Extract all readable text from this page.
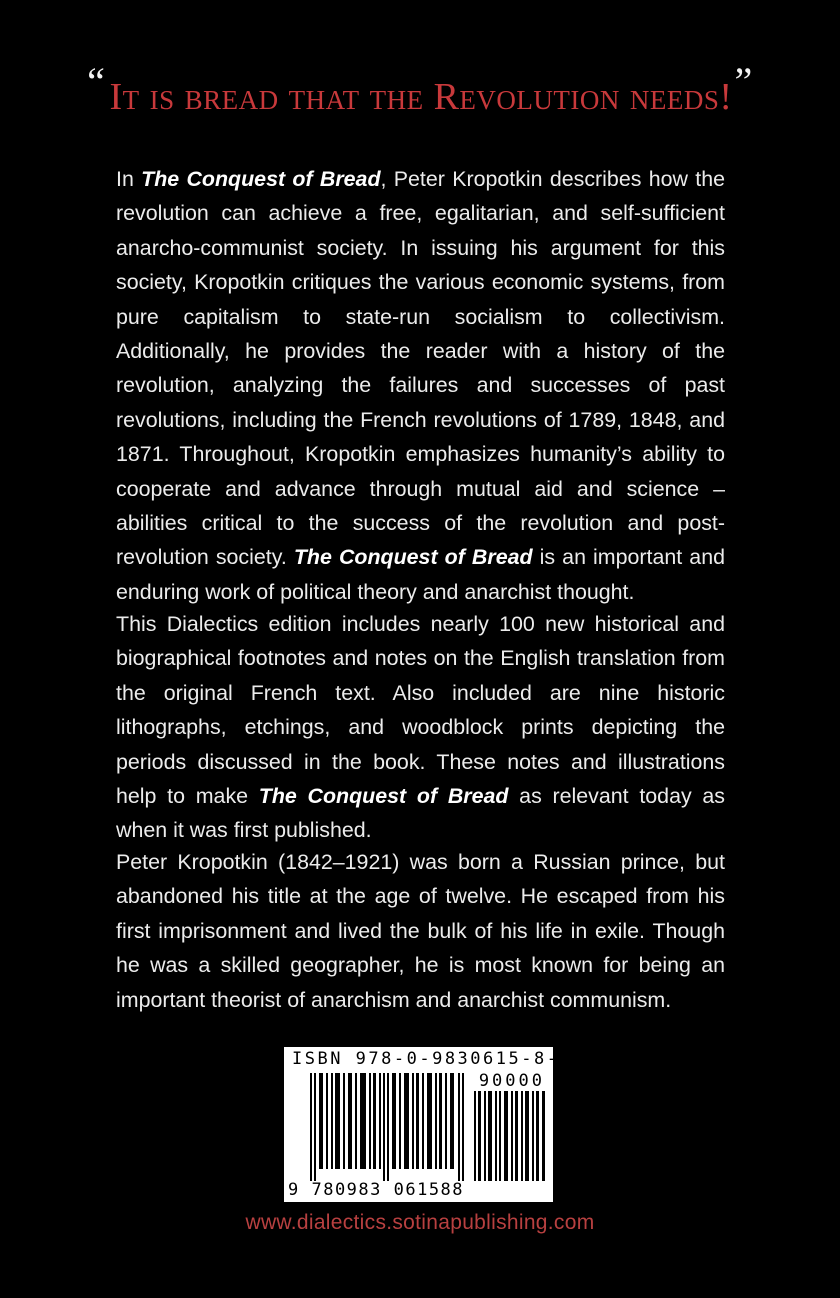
“ It is bread that the Revolution needs!”

In The Conquest of Bread, Peter Kropotkin describes how the revolution can achieve a free, egalitarian, and self-sufficient anarcho-communist society. In issuing his argument for this society, Kropotkin critiques the various economic systems, from pure capitalism to state-run socialism to collectivism. Additionally, he provides the reader with a history of the revolution, analyzing the failures and successes of past revolutions, including the French revolutions of 1789, 1848, and 1871. Throughout, Kropotkin emphasizes humanity’s ability to cooperate and advance through mutual aid and science – abilities critical to the success of the revolution and post-revolution society. The Conquest of Bread is an important and enduring work of political theory and anarchist thought.

This Dialectics edition includes nearly 100 new historical and biographical footnotes and notes on the English translation from the original French text. Also included are nine historic lithographs, etchings, and woodblock prints depicting the periods discussed in the book. These notes and illustrations help to make The Conquest of Bread as relevant today as when it was first published.

Peter Kropotkin (1842–1921) was born a Russian prince, but abandoned his title at the age of twelve. He escaped from his first imprisonment and lived the bulk of his life in exile. Though he was a skilled geographer, he is most known for being an important theorist of anarchism and anarchist communism.

ISBN 978-0-9830615-8-8
90000
9 780983 061588
www.dialectics.sotinapublishing.com
